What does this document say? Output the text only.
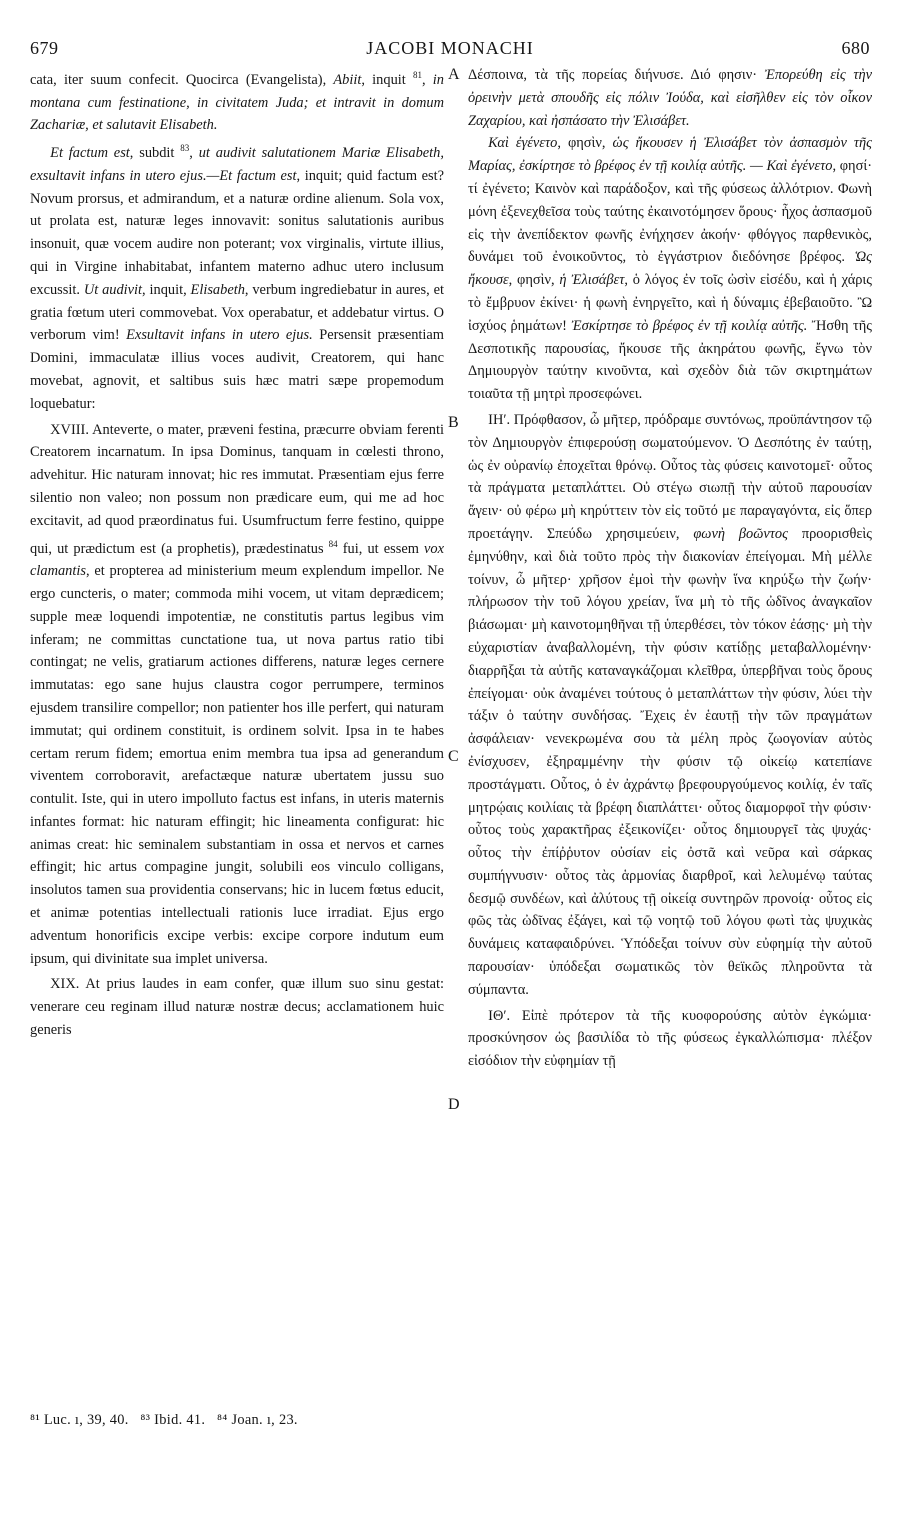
679	JACOBI MONACHI	680

cata, iter suum confecit. Quocirca (Evangelista), Abiit, inquit $^{81}$, in montana cum festinatione, in civitatem Juda; et intravit in domum Zachariæ, et salutavit Elisabeth.

Et factum est, subdit $^{83}$, ut audivit salutationem Mariæ Elisabeth, exsultavit infans in utero ejus.—Et factum est, inquit; quid factum est? Novum prorsus, et admirandum, et a naturæ ordine alienum. Sola vox, ut prolata est, naturæ leges innovavit: sonitus salutationis auribus insonuit, quæ vocem audire non poterant; vox virginalis, virtute illius, qui in Virgine inhabitabat, infantem materno adhuc utero inclusum excussit. Ut audivit, inquit, Elisabeth, verbum ingrediebatur in aures, et gratia fœtum uteri commovebat. Vox operabatur, et addebatur virtus. O verborum vim! Exsultavit infans in utero ejus. Persensit præsentiam Domini, immaculatæ illius voces audivit, Creatorem, qui hanc movebat, agnovit, et saltibus suis hæc matri sæpe propemodum loquebatur:

XVIII. Anteverte, o mater, præveni festina, præcurre obviam ferenti Creatorem incarnatum. In ipsa Dominus, tanquam in cœlesti throno, advehitur. Hic naturam innovat; hic res immutat. Præsentiam ejus ferre silentio non valeo; non possum non prædicare eum, qui me ad hoc excitavit, ad quod præordinatus fui. Usumfructum ferre festino, quippe qui, ut prædictum est (a prophetis), prædestinatus $^{84}$ fui, ut essem vox clamantis, et propterea ad ministerium meum explendum impellor. Ne ergo cuncteris, o mater; commoda mihi vocem, ut vitam deprædicem; supple meæ loquendi impotentiæ, ne constitutis partus legibus vim inferam; ne committas cunctatione tua, ut nova partus ratio tibi contingat; ne velis, gratiarum actiones differens, naturæ leges cernere immutatas: ego sane hujus claustra cogor perrumpere, terminos ejusdem transilire compellor; non patienter hos ille perfert, qui naturam immutat; qui ordinem constituit, is ordinem solvit. Ipsa in te habes certam rerum fidem; emortua enim membra tua ipsa ad generandum viventem corroboravit, arefactæque naturæ ubertatem jussu suo contulit. Iste, qui in utero impolluto factus est infans, in uteris maternis infantes format: hic naturam effingit; hic lineamenta configurat: hic animas creat: hic seminalem substantiam in ossa et nervos et carnes effingit; hic artus compagine jungit, solubili eos vinculo colligans, insolutos tamen sua providentia conservans; hic in lucem fœtus educit, et animæ potentias intellectuali rationis luce irradiat. Ejus ergo adventum honorificis excipe verbis: excipe corpore indutum eum ipsum, qui divinitate sua implet universa.

XIX. At prius laudes in eam confer, quæ illum suo sinu gestat: venerare ceu reginam illud naturæ nostræ decus; acclamationem huic generis

Δέσποινα, τὰ τῆς πορείας διήνυσε. Διό φησιν· Ἐπορεύθη εἰς τὴν ὀρεινὴν μετὰ σπουδῆς εἰς πόλιν Ἰούδα, καὶ εἰσῆλθεν εἰς τὸν οἶκον Ζαχαρίου, καὶ ἠσπάσατο τὴν Ἐλισάβετ.

Καὶ ἐγένετο, φησὶν, ὡς ἤκουσεν ἡ Ἐλισάβετ τὸν ἀσπασμὸν τῆς Μαρίας, ἐσκίρτησε τὸ βρέφος ἐν τῇ κοιλίᾳ αὐτῆς. — Καὶ ἐγένετο, φησί· τί ἐγένετο; Καινὸν καὶ παράδοξον, καὶ τῆς φύσεως ἀλλότριον. Φωνὴ μόνη ἐξενεχθεῖσα τοὺς ταύτης ἐκαινοτόμησεν ὅρους· ἦχος ἀσπασμοῦ εἰς τὴν ἀνεπίδεκτον φωνῆς ἐνήχησεν ἀκοήν· φθόγγος παρθενικὸς, δυνάμει τοῦ ἐνοικοῦντος, τὸ ἐγγάστριον διεδόνησε βρέφος. Ὡς ἤκουσε, φησὶν, ἡ Ἐλισάβετ, ὁ λόγος ἐν τοῖς ὠσὶν εἰσέδυ, καὶ ἡ χάρις τὸ ἔμβρυον ἐκίνει· ἡ φωνὴ ἐνηργεῖτο, καὶ ἡ δύναμις ἐβεβαιοῦτο. Ὢ ἰσχύος ῥημάτων! Ἐσκίρτησε τὸ βρέφος ἐν τῇ κοιλίᾳ αὐτῆς. Ἤσθη τῆς Δεσποτικῆς παρουσίας, ἤκουσε τῆς ἀκηράτου φωνῆς, ἔγνω τὸν Δημιουργὸν ταύτην κινοῦντα, καὶ σχεδὸν διὰ τῶν σκιρτημάτων τοιαῦτα τῇ μητρὶ προσεφώνει.

ΙΗʹ. Πρόφθασον, ὦ μῆτερ, πρόδραμε συντόνως, προϋπάντησον τῷ τὸν Δημιουργὸν ἐπιφερούσῃ σωματούμενον. Ὁ Δεσπότης ἐν ταύτῃ, ὡς ἐν οὐρανίῳ ἐποχεῖται θρόνῳ. Οὗτος τὰς φύσεις καινοτομεῖ· οὗτος τὰ πράγματα μεταπλάττει. Οὐ στέγω σιωπῇ τὴν αὐτοῦ παρουσίαν ἄγειν· οὐ φέρω μὴ κηρύττειν τὸν εἰς τοῦτό με παραγαγόντα, εἰς ὅπερ προετάγην. Σπεύδω χρησιμεύειν, φωνὴ βοῶντος προορισθεὶς ἐμηνύθην, καὶ διὰ τοῦτο πρὸς τὴν διακονίαν ἐπείγομαι. Μὴ μέλλε τοίνυν, ὦ μῆτερ· χρῆσον ἐμοὶ τὴν φωνὴν ἵνα κηρύξω τὴν ζωήν· πλήρωσον τὴν τοῦ λόγου χρείαν, ἵνα μὴ τὸ τῆς ὠδῖνος ἀναγκαῖον βιάσωμαι· μὴ καινοτομηθῆναι τῇ ὑπερθέσει, τὸν τόκον ἐάσῃς· μὴ τὴν εὐχαριστίαν ἀναβαλλομένη, τὴν φύσιν κατίδῃς μεταβαλλομένην· διαρρῆξαι τὰ αὐτῆς καταναγκάζομαι κλεῖθρα, ὑπερβῆναι τοὺς ὅρους ἐπείγομαι· οὐκ ἀναμένει τούτους ὁ μεταπλάττων τὴν φύσιν, λύει τὴν τάξιν ὁ ταύτην συνδήσας. Ἔχεις ἐν ἑαυτῇ τὴν τῶν πραγμάτων ἀσφάλειαν· νενεκρωμένα σου τὰ μέλη πρὸς ζωογονίαν αὐτὸς ἐνίσχυσεν, ἐξηραμμένην τὴν φύσιν τῷ οἰκείῳ κατεπίανε προστάγματι. Οὗτος, ὁ ἐν ἀχράντῳ βρεφουργούμενος κοιλίᾳ, ἐν ταῖς μητρῴαις κοιλίαις τὰ βρέφη διαπλάττει· οὗτος διαμορφοῖ τὴν φύσιν· οὗτος τοὺς χαρακτῆρας ἐξεικονίζει· οὗτος δημιουργεῖ τὰς ψυχάς· οὗτος τὴν ἐπίῤῥυτον οὐσίαν εἰς ὀστᾶ καὶ νεῦρα καὶ σάρκας συμπήγνυσιν· οὗτος τὰς ἁρμονίας διαρθροῖ, καὶ λελυμένῳ ταύτας δεσμῷ συνδέων, καὶ ἀλύτους τῇ οἰκείᾳ συντηρῶν προνοίᾳ· οὗτος εἰς φῶς τὰς ὠδῖνας ἐξάγει, καὶ τῷ νοητῷ τοῦ λόγου φωτὶ τὰς ψυχικὰς δυνάμεις καταφαιδρύνει. Ὑπόδεξαι τοίνυν σὺν εὐφημίᾳ τὴν αὐτοῦ παρουσίαν· ὑπόδεξαι σωματικῶς τὸν θεϊκῶς πληροῦντα τὰ σύμπαντα.

ΙΘʹ. Εἰπὲ πρότερον τὰ τῆς κυοφορούσης αὐτὸν ἐγκώμια· προσκύνησον ὡς βασιλίδα τὸ τῆς φύσεως ἐγκαλλώπισμα· πλέξον εἰσόδιον τὴν εὐφημίαν τῇ

A
B
C
D
⁸¹ Luc. ı, 39, 40.   ⁸³ Ibid. 41.   ⁸⁴ Joan. ı, 23.
